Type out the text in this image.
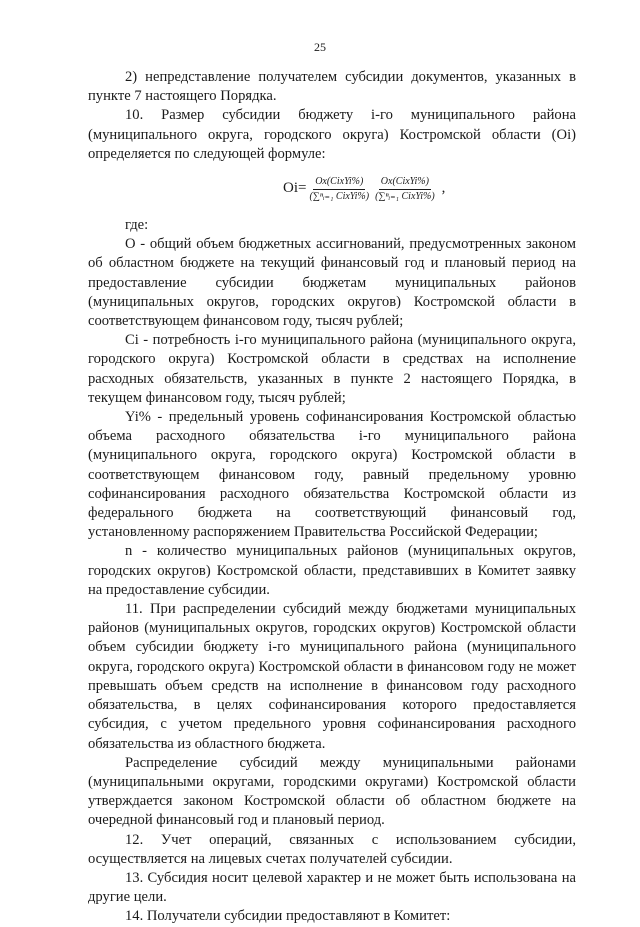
25

2) непредставление получателем субсидии документов, указанных в пункте 7 настоящего Порядка.

10. Размер субсидии бюджету i-го муниципального района (муниципального округа, городского округа) Костромской области (Oi) определяется по следующей формуле:

$Oi= \frac{\text{Ox(CixYi\%)}}{\text{(∑ⁿᵢ₌₁ CixYi\%)}} \frac{\text{Ox(CixYi\%)}}{\text{(∑ⁿᵢ₌₁ CixYi\%)}}$ ,

где:

О - общий объем бюджетных ассигнований, предусмотренных законом об областном бюджете на текущий финансовый год и плановый период на предоставление субсидии бюджетам муниципальных районов (муниципальных округов, городских округов) Костромской области в соответствующем финансовом году, тысяч рублей;

Ci - потребность i-го муниципального района (муниципального округа, городского округа) Костромской области в средствах на исполнение расходных обязательств, указанных в пункте 2 настоящего Порядка, в текущем финансовом году, тысяч рублей;

Yi% - предельный уровень софинансирования Костромской областью объема расходного обязательства i-го муниципального района (муниципального округа, городского округа) Костромской области в соответствующем финансовом году, равный предельному уровню софинансирования расходного обязательства Костромской области из федерального бюджета на соответствующий финансовый год, установленному распоряжением Правительства Российской Федерации;

n - количество муниципальных районов (муниципальных округов, городских округов) Костромской области, представивших в Комитет заявку на предоставление субсидии.

11. При распределении субсидий между бюджетами муниципальных районов (муниципальных округов, городских округов) Костромской области объем субсидии бюджету i-го муниципального района (муниципального округа, городского округа) Костромской области в финансовом году не может превышать объем средств на исполнение в финансовом году расходного обязательства, в целях софинансирования которого предоставляется субсидия, с учетом предельного уровня софинансирования расходного обязательства из областного бюджета.

Распределение субсидий между муниципальными районами (муниципальными округами, городскими округами) Костромской области утверждается законом Костромской области об областном бюджете на очередной финансовый год и плановый период.

12. Учет операций, связанных с использованием субсидии, осуществляется на лицевых счетах получателей субсидии.

13. Субсидия носит целевой характер и не может быть использована на другие цели.

14. Получатели субсидии предоставляют в Комитет:
